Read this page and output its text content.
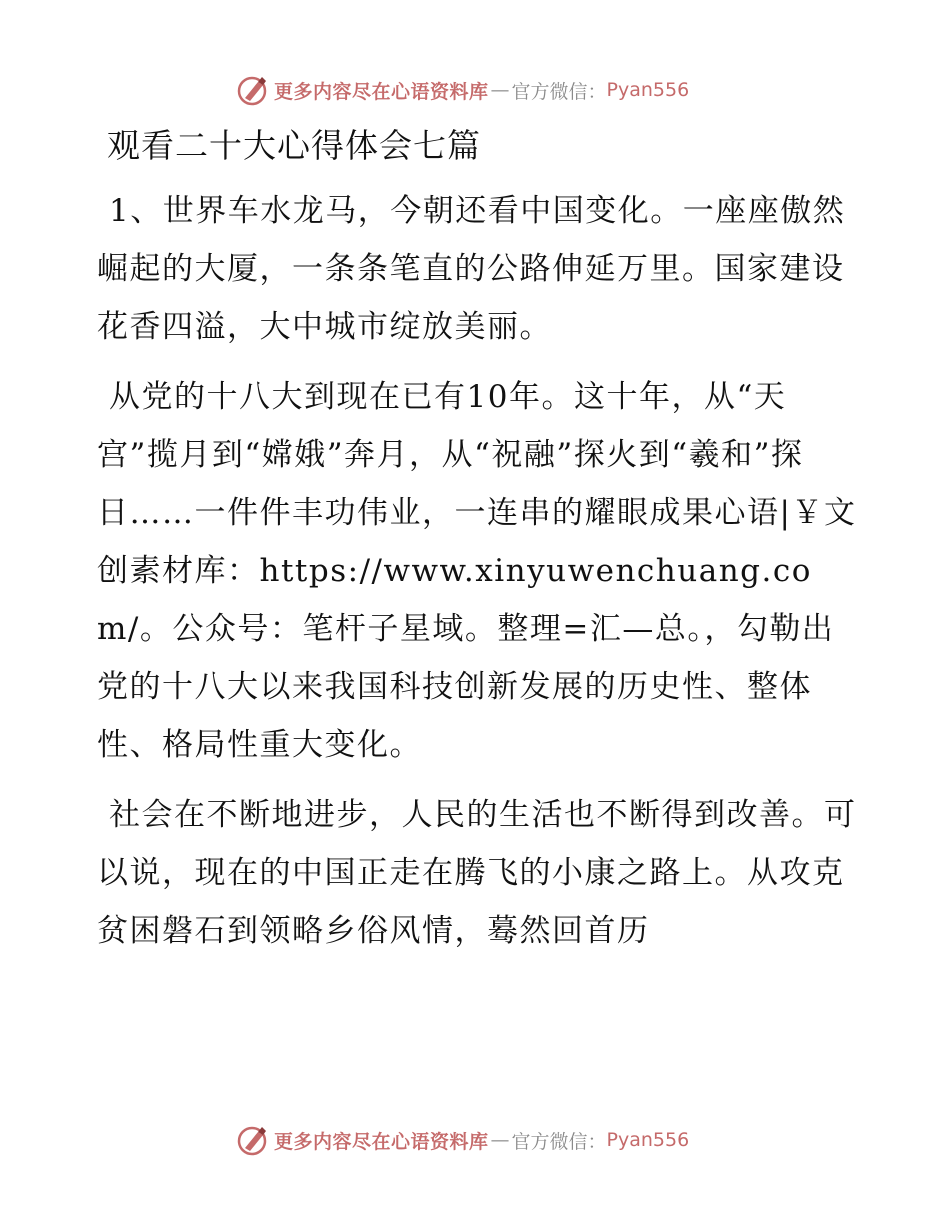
更多内容尽在心语资料库 — 官方微信： Pyan556
观看二十大心得体会七篇

1、世界车水龙马，今朝还看中国变化。一座座傲然崛起的大厦，一条条笔直的公路伸延万里。国家建设花香四溢，大中城市绽放美丽。

从党的十八大到现在已有10年。这十年，从“天宫”揽月到“嫦娥”奔月，从“祝融”探火到“羲和”探日……一件件丰功伟业，一连串的耀眼成果心语|￥文创素材库：https://www.xinyuwenchuang.com/。公众号：笔杆子星域。整理=汇—总。，勾勒出党的十八大以来我国科技创新发展的历史性、整体性、格局性重大变化。

社会在不断地进步，人民的生活也不断得到改善。可以说，现在的中国正走在腾飞的小康之路上。从攻克贫困磐石到领略乡俗风情，蓦然回首历

更多内容尽在心语资料库 — 官方微信： Pyan556
